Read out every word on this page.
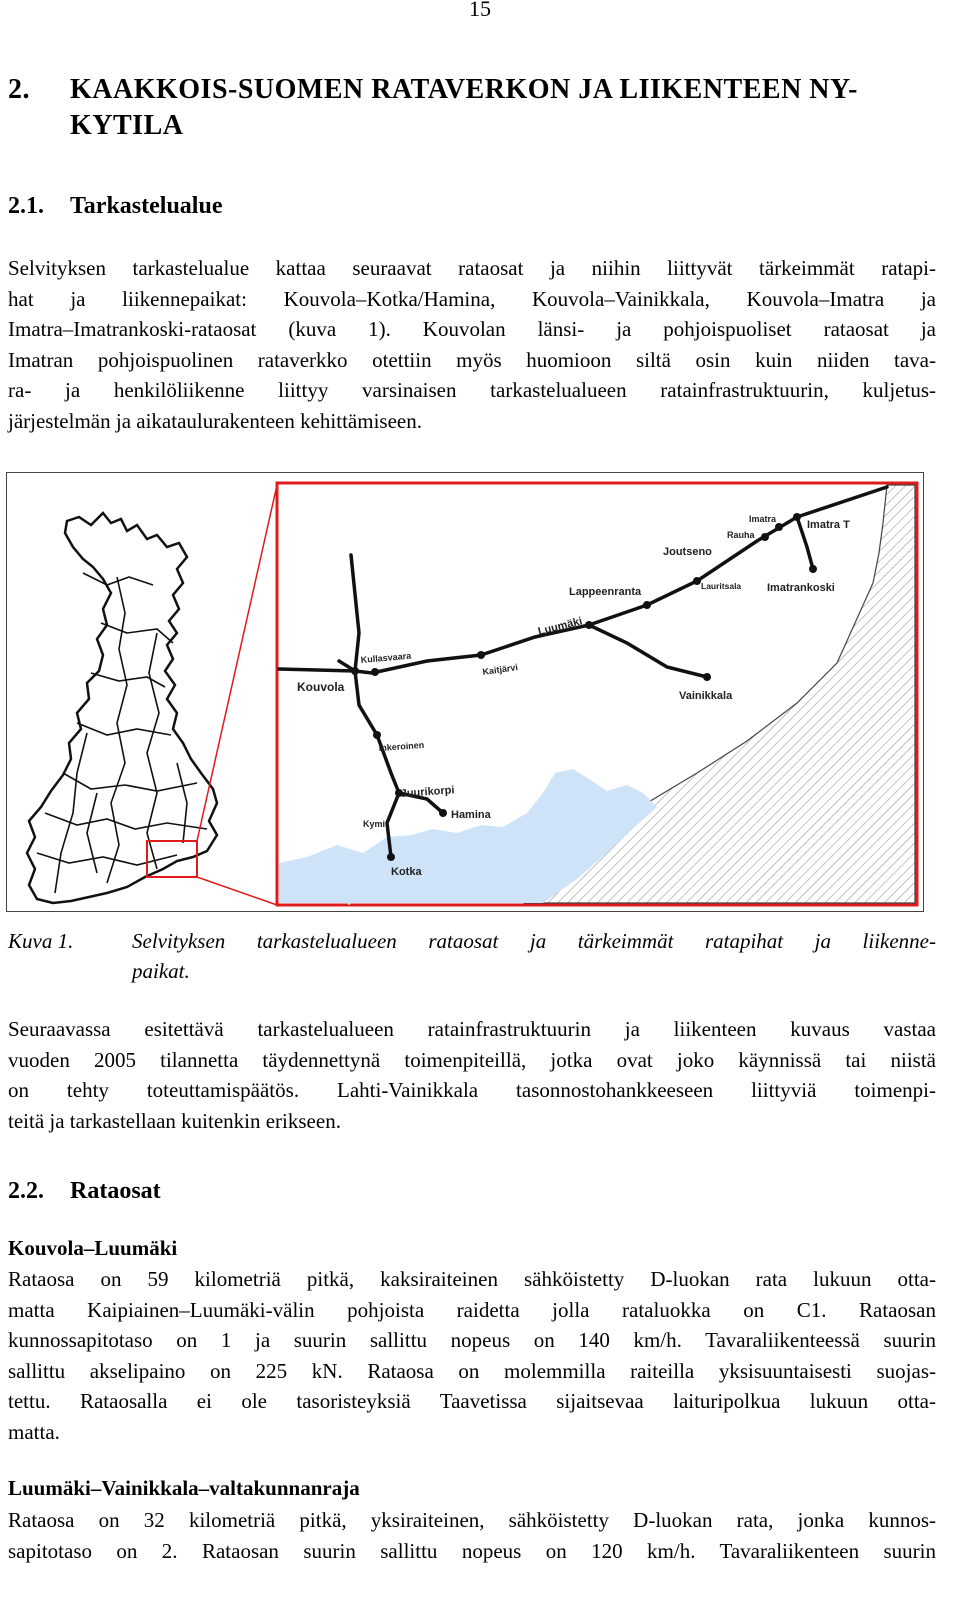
15
2. KAAKKOIS-SUOMEN RATAVERKON JA LIIKENTEEN NY-
KYTILA
2.1. Tarkastelualue
Selvityksen tarkastelualue kattaa seuraavat rataosat ja niihin liittyvät tärkeimmät ratapi-
hat ja liikennepaikat: Kouvola–Kotka/Hamina, Kouvola–Vainikkala, Kouvola–Imatra ja
Imatra–Imatrankoski-rataosat (kuva 1). Kouvolan länsi- ja pohjoispuoliset rataosat ja
Imatran pohjoispuolinen rataverkko otettiin myös huomioon siltä osin kuin niiden tava-
ra- ja henkilöliikenne liittyy varsinaisen tarkastelualueen ratainfrastruktuurin, kuljetus-
järjestelmän ja aikataulurakenteen kehittämiseen.
Kouvola
Kullasvaara
Kaitjärvi
Luumäki
Lappeenranta	Lauritsala
Joutseno
Rauha
Imatra	Imatra T
Imatrankoski
Vainikkala
Inkeroinen
Juurikorpi
Hamina
Kymi
Kotka
Kuva 1.	Selvityksen tarkastelualueen rataosat ja tärkeimmät ratapihat ja liikenne-
paikat.
Seuraavassa esitettävä tarkastelualueen ratainfrastruktuurin ja liikenteen kuvaus vastaa
vuoden 2005 tilannetta täydennettynä toimenpiteillä, jotka ovat joko käynnissä tai niistä
on tehty toteuttamispäätös. Lahti-Vainikkala tasonnostohankkeeseen liittyviä toimenpi-
teitä ja tarkastellaan kuitenkin erikseen.
2.2. Rataosat
Kouvola–Luumäki
Rataosa on 59 kilometriä pitkä, kaksiraiteinen sähköistetty D-luokan rata lukuun otta-
matta Kaipiainen–Luumäki-välin pohjoista raidetta jolla rataluokka on C1. Rataosan
kunnossapitotaso on 1 ja suurin sallittu nopeus on 140 km/h. Tavaraliikenteessä suurin
sallittu akselipaino on 225 kN. Rataosa on molemmilla raiteilla yksisuuntaisesti suojas-
tettu. Rataosalla ei ole tasoristeyksiä Taavetissa sijaitsevaa laituripolkua lukuun otta-
matta.
Luumäki–Vainikkala–valtakunnanraja
Rataosa on 32 kilometriä pitkä, yksiraiteinen, sähköistetty D-luokan rata, jonka kunnos-
sapitotaso on 2. Rataosan suurin sallittu nopeus on 120 km/h. Tavaraliikenteen suurin
